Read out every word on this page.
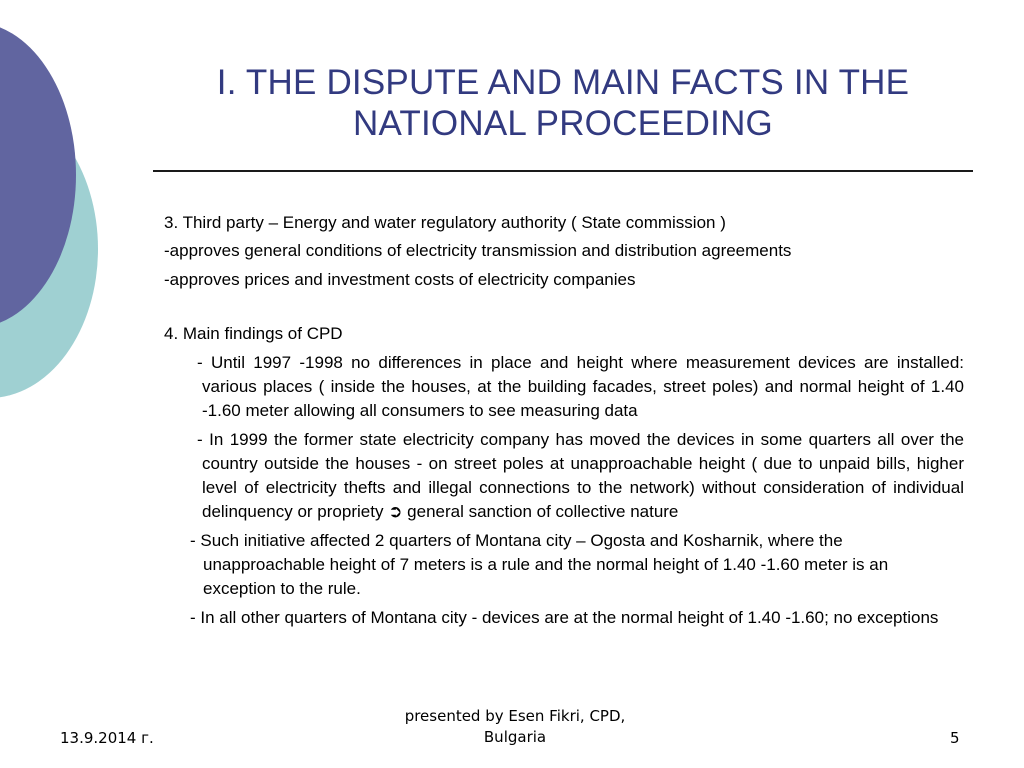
I. THE DISPUTE AND MAIN FACTS IN THE
NATIONAL PROCEEDING

3. Third party – Energy and water regulatory authority ( State commission )

-approves general conditions of electricity transmission and distribution agreements

-approves prices and investment costs of electricity companies

4. Main findings of CPD

- Until 1997 -1998 no differences in place and height where measurement devices are installed: various places ( inside the houses, at the building facades, street poles) and normal height of 1.40 -1.60 meter allowing all consumers to see measuring data

- In 1999 the former state electricity company has moved the devices in some quarters all over the country outside the houses - on street poles at unapproachable height ( due to unpaid bills, higher level of electricity thefts and illegal connections to the network) without consideration of individual delinquency or propriety ➲ general sanction of collective nature

- Such initiative affected 2 quarters of Montana city – Ogosta and Kosharnik, where the unapproachable height of 7 meters is a rule and the normal height of 1.40 -1.60 meter is an exception to the rule.

- In all other quarters of Montana city - devices are at the normal height of 1.40 -1.60; no exceptions

13.9.2014 г.
presented by Esen Fikri, CPD,
Bulgaria	5
